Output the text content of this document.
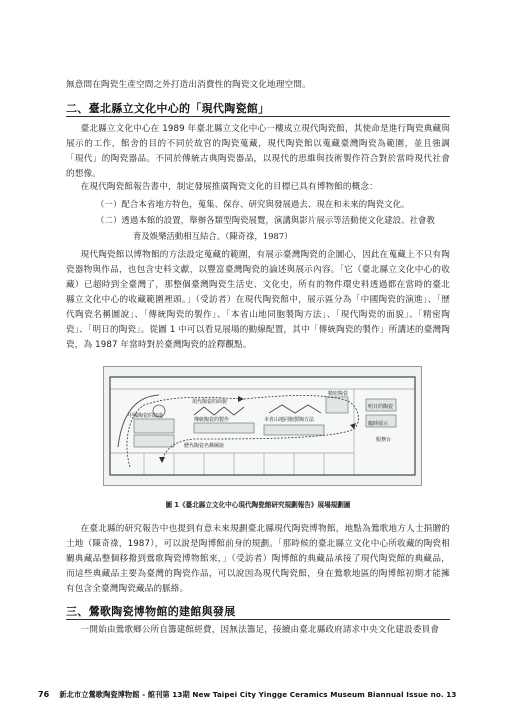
無意間在陶瓷生產空間之外打造出消費性的陶瓷文化地理空間。
二、臺北縣立文化中心的「現代陶瓷館」
臺北縣立文化中心在 1989 年臺北縣立文化中心一樓成立現代陶瓷館，其使命是進行陶瓷典藏與展示的工作，館舍的目的不同於故宮的陶瓷蒐藏，現代陶瓷館以蒐藏臺灣陶瓷為範圍，並且強調「現代」的陶瓷器品。不同於傳統古典陶瓷器品，以現代的思維與技術製作符合對於當時現代社會的想像。
在現代陶瓷館報告書中，制定發展推廣陶瓷文化的目標已具有博物館的概念：
（一）配合本省地方特色，蒐集、保存、研究與發展過去、現在和未來的陶瓷文化。
（二）透過本館的設置，舉辦各類型陶瓷展覽，演講與影片展示等活動使文化建設、社會教
育及娛樂活動相互結合。（陳奇祿，1987）
現代陶瓷館以博物館的方法設定蒐藏的範圍，有展示臺灣陶瓷的企圖心，因此在蒐藏上不只有陶瓷器物與作品，也包含史料文獻，以豐富臺灣陶瓷的論述與展示內容。「它（臺北縣立文化中心的收藏）已超時到全臺灣了，那整個臺灣陶瓷生活史、文化史，所有的物件環史料透過都在當時的臺北縣立文化中心的收藏範圍裡頭。」（受訪者）在現代陶瓷館中，展示區分為「中國陶瓷的演進」、「歷代陶瓷名稱圖說」、「傳統陶瓷的製作」、「本省山地同胞製陶方法」、「現代陶瓷的面貌」、「精密陶瓷」、「明日的陶瓷」。從圖 1 中可以看見展場的動線配置，其中「傳統陶瓷的製作」所講述的臺灣陶瓷，為 1987 年當時對於臺灣陶瓷的詮釋觀點。
現代陶瓷的面貌
精密陶瓷
明日的陶瓷
本省山地同胞製陶方法
傳統陶瓷的製作
中國陶瓷的演進
歷代陶瓷名稱圖說
服務台
臨時展示
圖 1《臺北縣立文化中心現代陶瓷館研究規劃報告》展場規劃圖
在臺北縣的研究報告中也提到有意未來規劃臺北縣現代陶瓷博物館，地點為鶯歌地方人士捐贈的土地（陳奇祿，1987），可以說是陶博館前身的規劃。「那時候的臺北縣立文化中心所收藏的陶瓷相關典藏品整個移撥到鶯歌陶瓷博物館來，」（受訪者）陶博館的典藏品承接了現代陶瓷館的典藏品，而這些典藏品主要為臺灣的陶瓷作品，可以說因為現代陶瓷館，身在鶯歌地區的陶博館初期才能擁有包含全臺灣陶瓷藏品的脈絡。
三、鶯歌陶瓷博物館的建館與發展
一開始由鶯歌鄉公所自籌建館經費，因無法籌足，接續由臺北縣政府請求中央文化建設委員會
76 新北市立鶯歌陶瓷博物館 - 館刊第 13期 New Taipei City Yingge Ceramics Museum Biannual Issue no. 13
